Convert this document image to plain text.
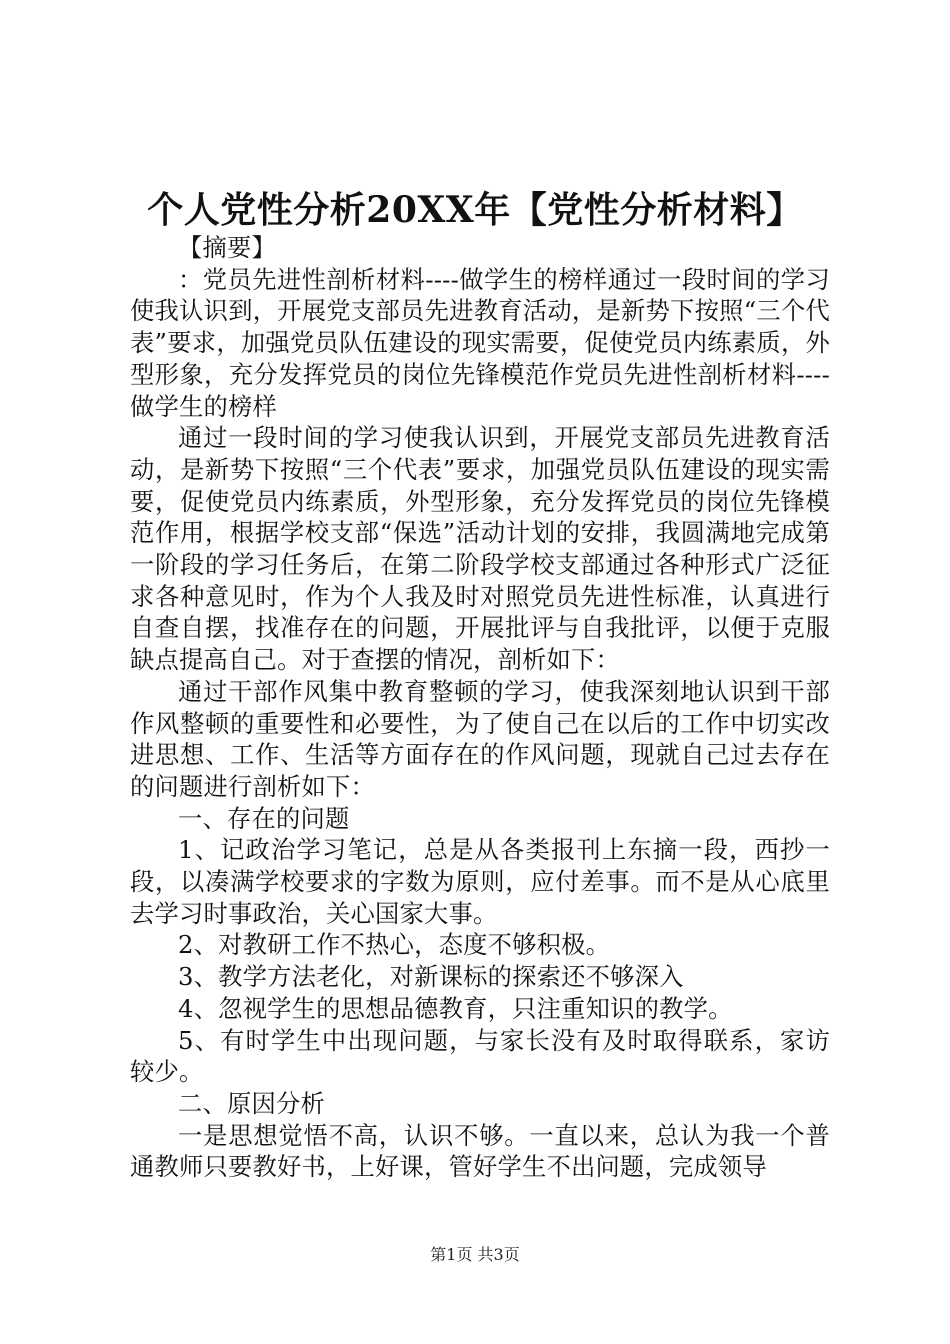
个人党性分析20XX年【党性分析材料】

【摘要】

：党员先进性剖析材料----做学生的榜样通过一段时间的学习使我认识到，开展党支部员先进教育活动，是新势下按照“三个代表”要求，加强党员队伍建设的现实需要，促使党员内练素质，外型形象，充分发挥党员的岗位先锋模范作党员先进性剖析材料----做学生的榜样

通过一段时间的学习使我认识到，开展党支部员先进教育活动，是新势下按照“三个代表”要求，加强党员队伍建设的现实需要，促使党员内练素质，外型形象，充分发挥党员的岗位先锋模范作用，根据学校支部“保选”活动计划的安排，我圆满地完成第一阶段的学习任务后，在第二阶段学校支部通过各种形式广泛征求各种意见时，作为个人我及时对照党员先进性标准，认真进行自查自摆，找准存在的问题，开展批评与自我批评，以便于克服缺点提高自己。对于查摆的情况，剖析如下：

通过干部作风集中教育整顿的学习，使我深刻地认识到干部作风整顿的重要性和必要性，为了使自己在以后的工作中切实改进思想、工作、生活等方面存在的作风问题，现就自己过去存在的问题进行剖析如下：

一、存在的问题

1、记政治学习笔记，总是从各类报刊上东摘一段，西抄一段，以凑满学校要求的字数为原则，应付差事。而不是从心底里去学习时事政治，关心国家大事。

2、对教研工作不热心，态度不够积极。

3、教学方法老化，对新课标的探索还不够深入

4、忽视学生的思想品德教育，只注重知识的教学。

5、有时学生中出现问题，与家长没有及时取得联系，家访较少。

二、原因分析

一是思想觉悟不高，认识不够。一直以来，总认为我一个普通教师只要教好书，上好课，管好学生不出问题，完成领导

第1页 共3页
